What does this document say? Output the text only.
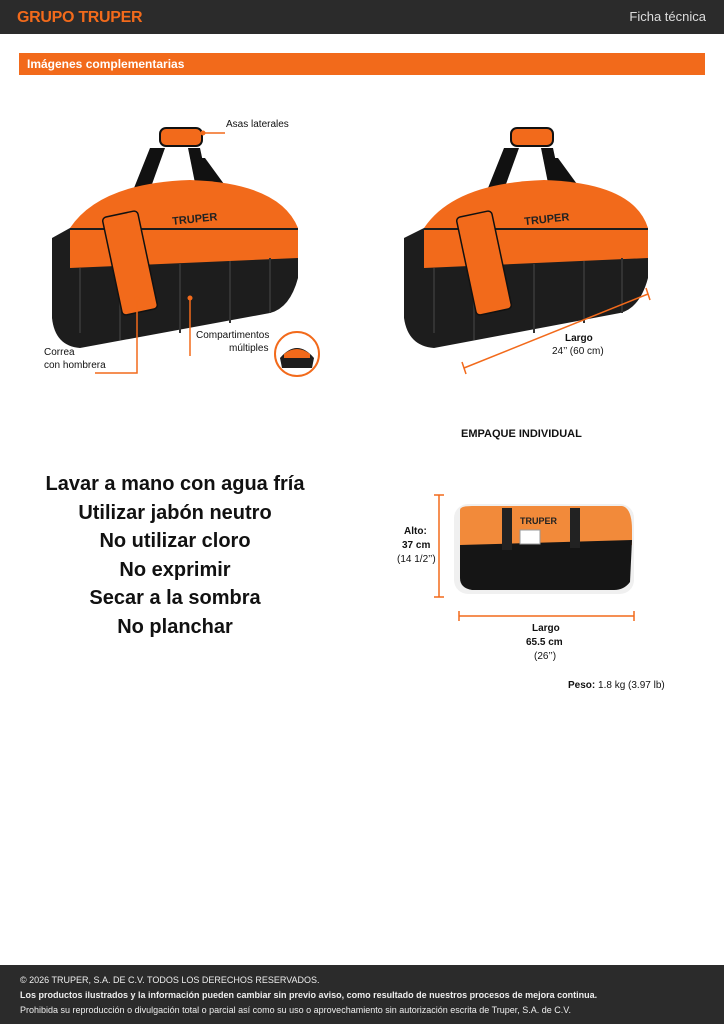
GRUPO TRUPER	Ficha técnica
Imágenes complementarias
TRUPER
Asas laterales
Correa
con hombrera
Compartimentos
múltiples
TRUPER
Largo
24’’ (60 cm)
EMPAQUE INDIVIDUAL
TRUPER
Alto:
37 cm
(14 1/2’’)
Largo
65.5 cm
(26’’)
Peso: 1.8 kg (3.97 lb)
Lavar a mano con agua fría
Utilizar jabón neutro
No utilizar cloro
No exprimir
Secar a la sombra
No planchar
© 2026 TRUPER, S.A. DE C.V. TODOS LOS DERECHOS RESERVADOS.
Los productos ilustrados y la información pueden cambiar sin previo aviso, como resultado de nuestros procesos de mejora continua.
Prohibida su reproducción o divulgación total o parcial así como su uso o aprovechamiento sin autorización escrita de Truper, S.A. de C.V.
